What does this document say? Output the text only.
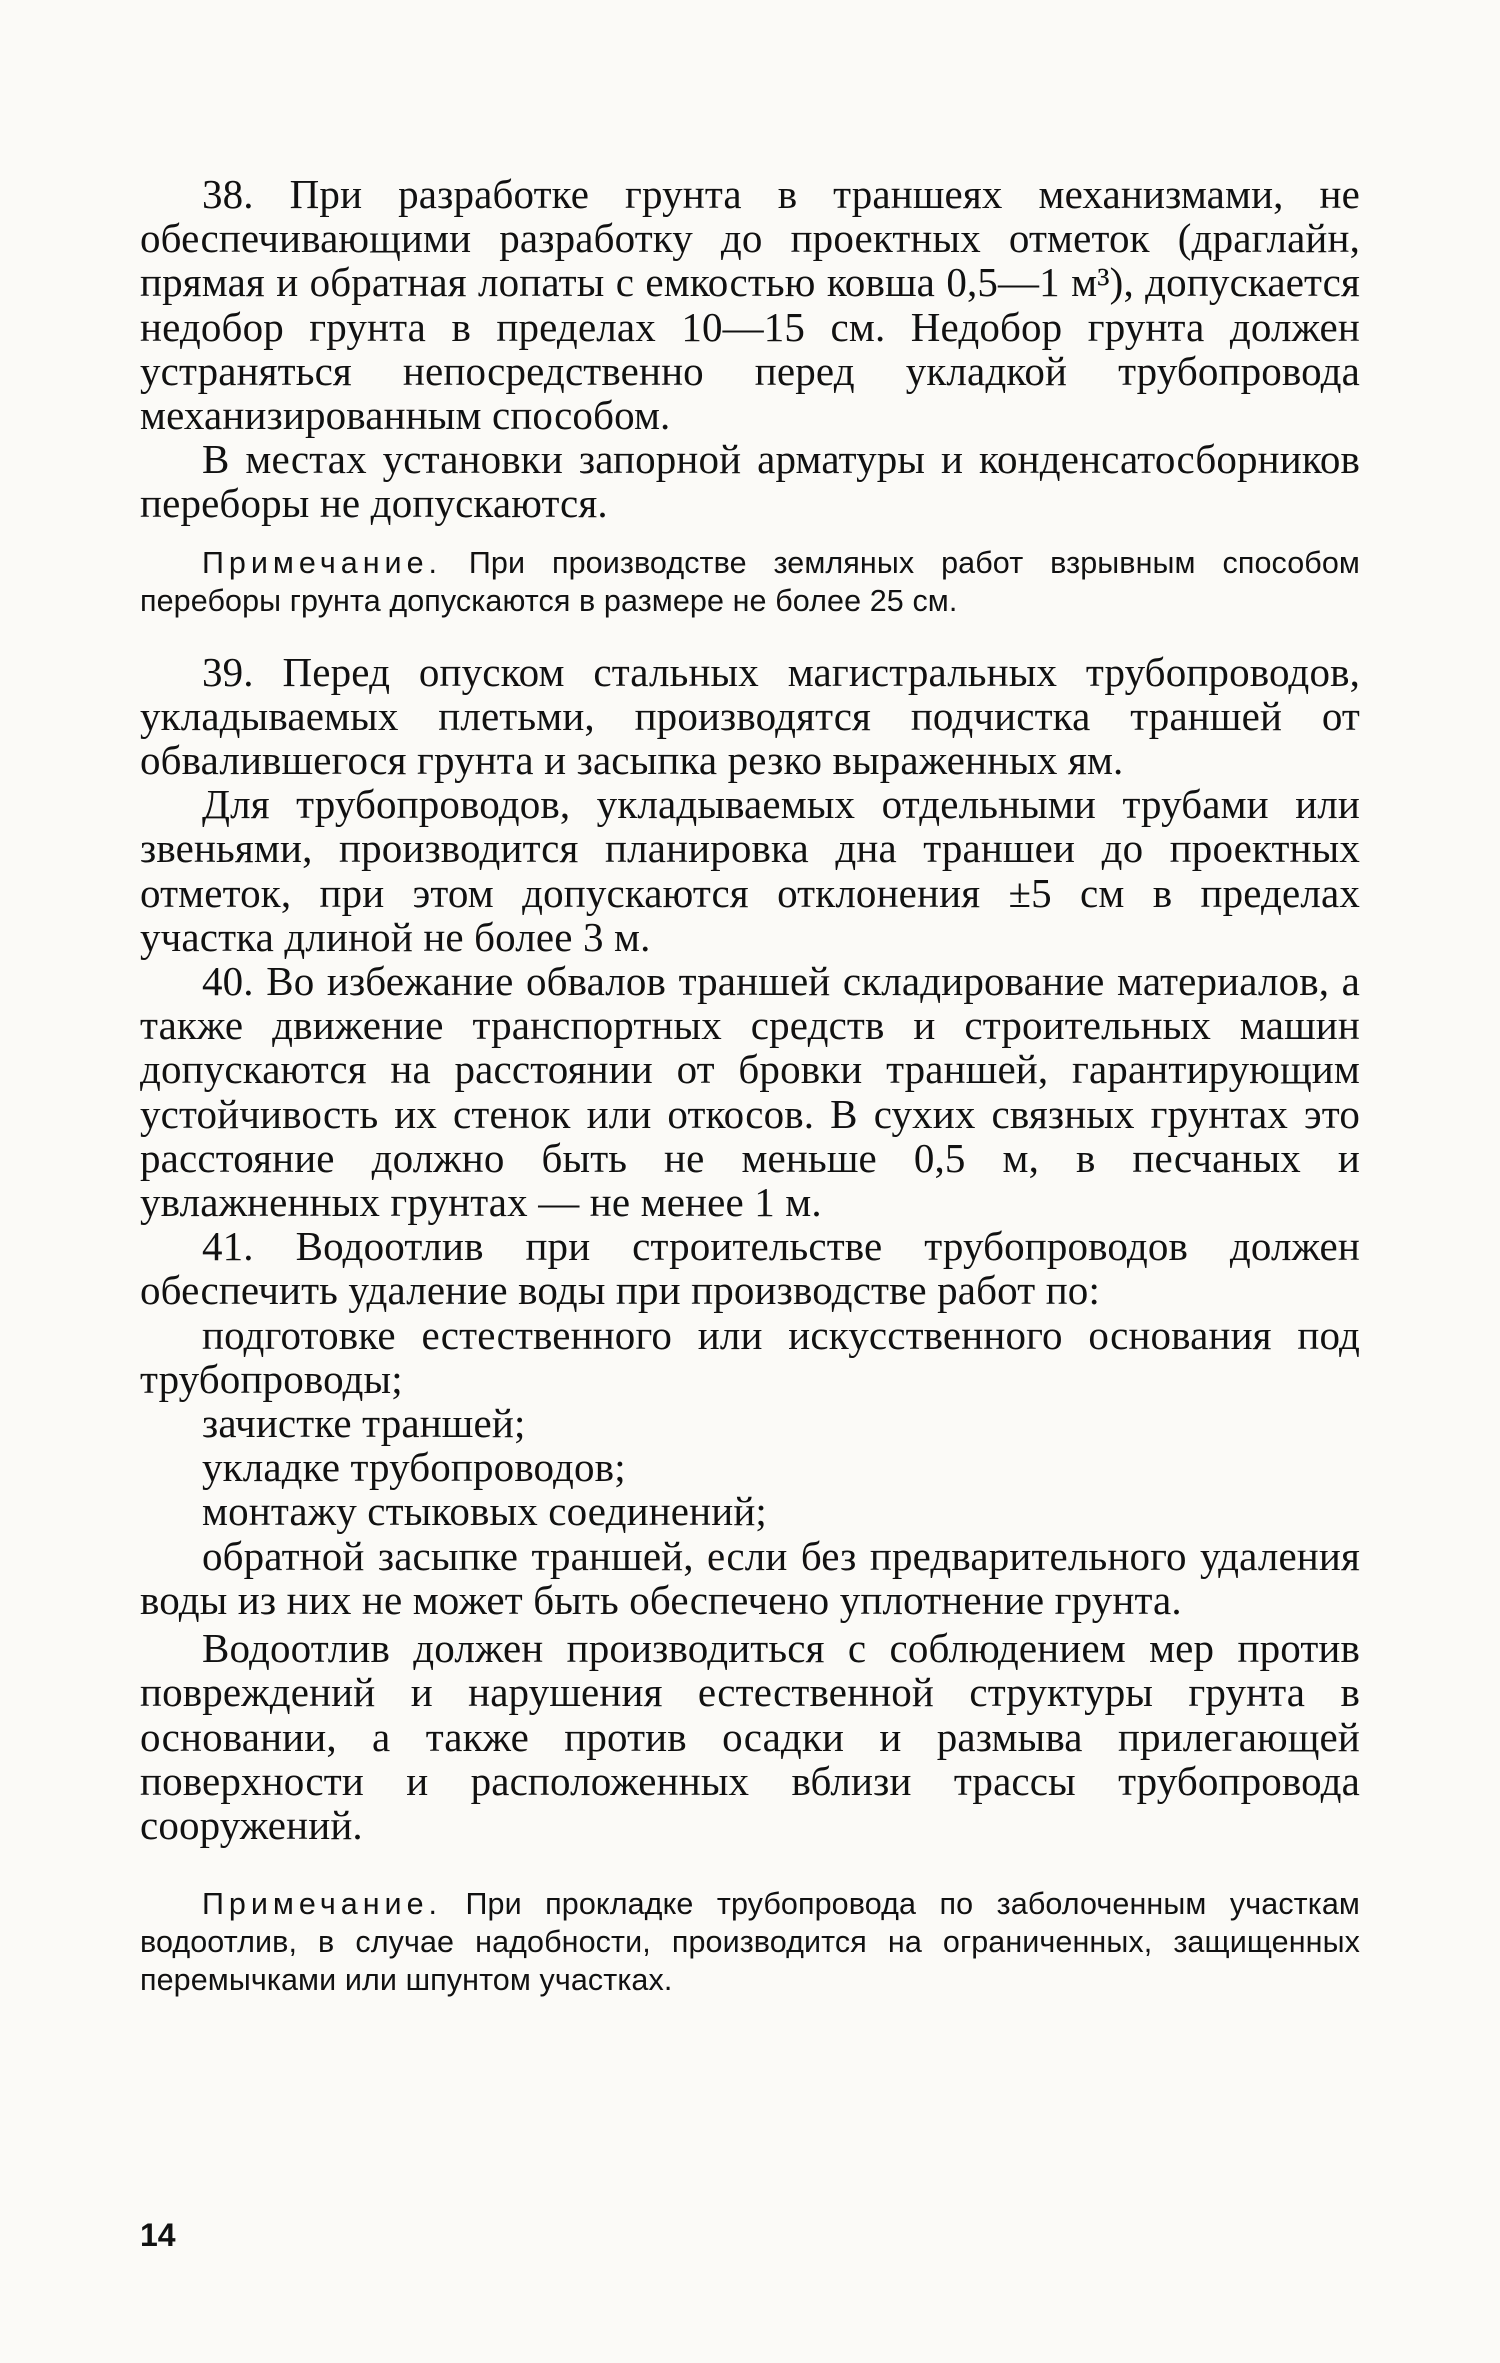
38. При разработке грунта в траншеях механизмами, не обеспечивающими разработку до проектных отметок (драглайн, прямая и обратная лопаты с емкостью ковша 0,5—1 м³), допускается недобор грунта в пределах 10—15 см. Недобор грунта должен устраняться непосредственно перед укладкой трубопровода механизированным способом.

В местах установки запорной арматуры и конденсатосборников переборы не допускаются.

Примечание. При производстве земляных работ взрывным способом переборы грунта допускаются в размере не более 25 см.

39. Перед опуском стальных магистральных трубопроводов, укладываемых плетьми, производятся подчистка траншей от обвалившегося грунта и засыпка резко выраженных ям.

Для трубопроводов, укладываемых отдельными трубами или звеньями, производится планировка дна траншеи до проектных отметок, при этом допускаются отклонения ±5 см в пределах участка длиной не более 3 м.

40. Во избежание обвалов траншей складирование материалов, а также движение транспортных средств и строительных машин допускаются на расстоянии от бровки траншей, гарантирующим устойчивость их стенок или откосов. В сухих связных грунтах это расстояние должно быть не меньше 0,5 м, в песчаных и увлажненных грунтах — не менее 1 м.

41. Водоотлив при строительстве трубопроводов должен обеспечить удаление воды при производстве работ по:

подготовке естественного или искусственного основания под трубопроводы;

зачистке траншей;

укладке трубопроводов;

монтажу стыковых соединений;

обратной засыпке траншей, если без предварительного удаления воды из них не может быть обеспечено уплотнение грунта.

Водоотлив должен производиться с соблюдением мер против повреждений и нарушения естественной структуры грунта в основании, а также против осадки и размыва прилегающей поверхности и расположенных вблизи трассы трубопровода сооружений.

Примечание. При прокладке трубопровода по заболоченным участкам водоотлив, в случае надобности, производится на ограниченных, защищенных перемычками или шпунтом участках.

14
